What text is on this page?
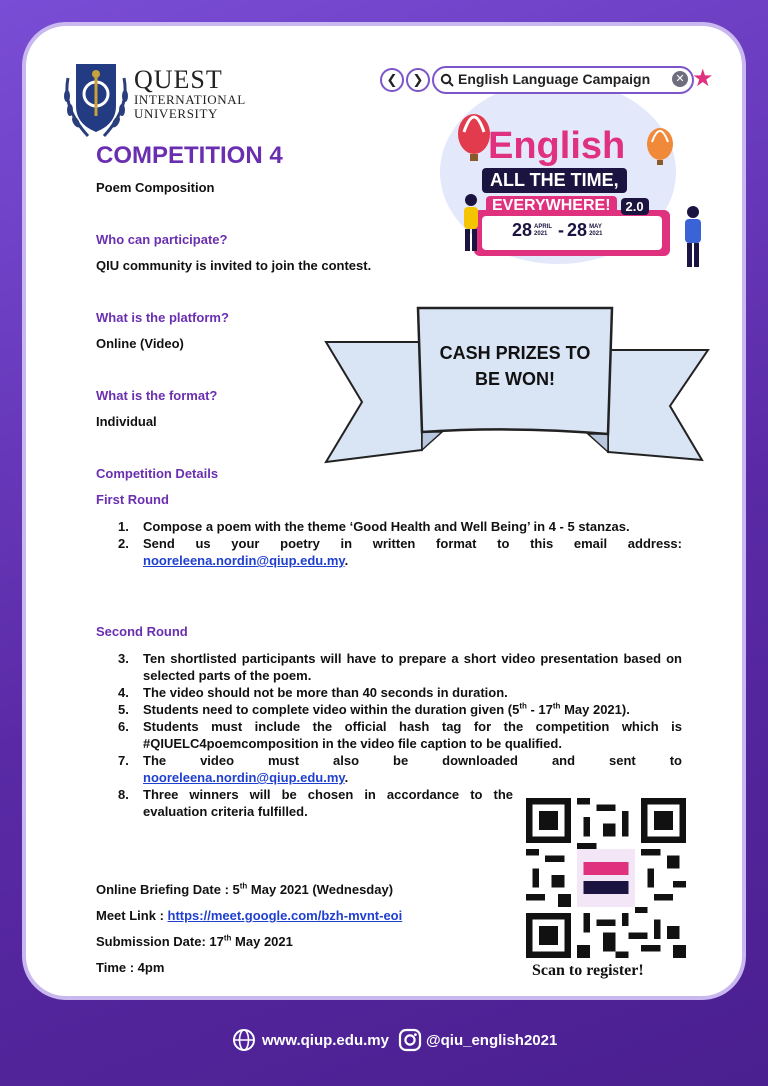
QUEST
INTERNATIONAL
UNIVERSITY
English
ALL THE TIME,
EVERYWHERE!	2.0
28 APRIL
2021 - 28 MAY
2021
❮	❯	English Language Campaign	✕ ★
COMPETITION 4
Poem Composition
Who can participate?
QIU community is invited to join the contest.
What is the platform?
Online (Video)
What is the format?
Individual
CASH PRIZES TO
BE WON!
Competition Details
First Round
1.	Compose a poem with the theme ‘Good Health and Well Being’ in 4 - 5 stanzas.
2.	Send us your poetry in written format to this email address: nooreleena.nordin@qiup.edu.my.
Second Round
3.	Ten shortlisted participants will have to prepare a short video presentation based on selected parts of the poem.
4.	The video should not be more than 40 seconds in duration.
5.	Students need to complete video within the duration given (5th - 17th May 2021).
6.	Students must include the official hash tag for the competition which is #QIUELC4poemcomposition in the video file caption to be qualified.
7.	The video must also be downloaded and sent to
nooreleena.nordin@qiup.edu.my.
8.	Three winners will be chosen in accordance to the evaluation criteria fulfilled.
Online Briefing Date : 5th May 2021 (Wednesday)
Meet Link : https://meet.google.com/bzh-mvnt-eoi
Submission Date: 17th May 2021
Time : 4pm	Scan to register!
www.qiup.edu.my @qiu_english2021
